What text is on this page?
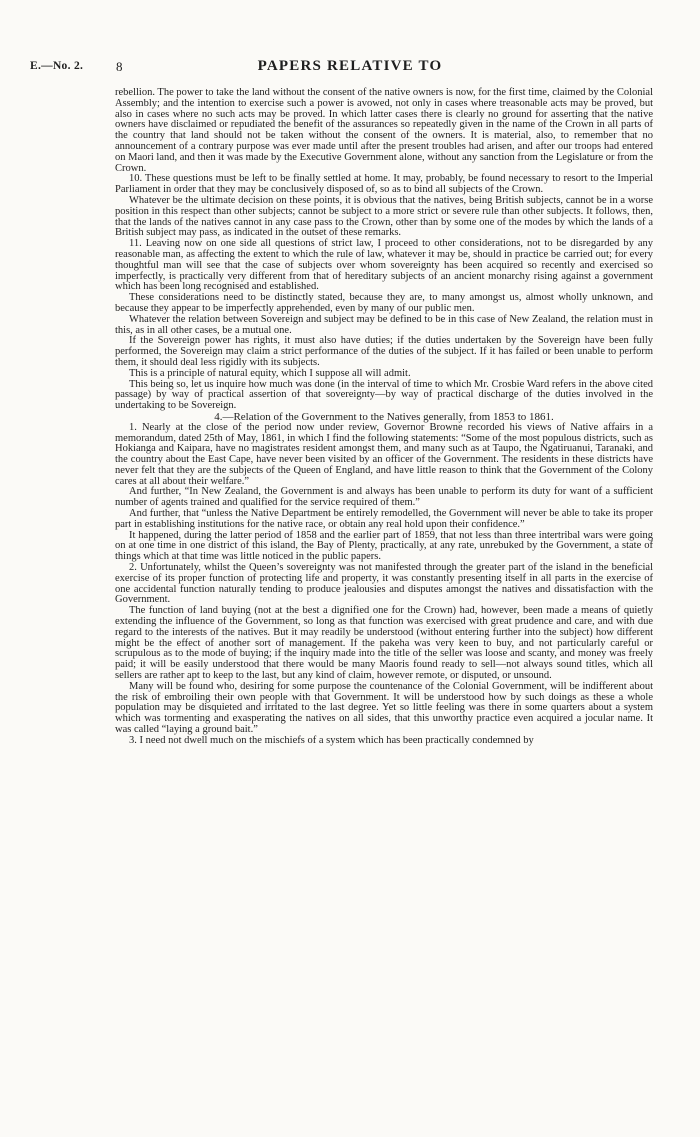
E.—No. 2.	8	PAPERS RELATIVE TO

rebellion. The power to take the land without the consent of the native owners is now, for the first time, claimed by the Colonial Assembly; and the intention to exercise such a power is avowed, not only in cases where treasonable acts may be proved, but also in cases where no such acts may be proved. In which latter cases there is clearly no ground for asserting that the native owners have disclaimed or repudiated the benefit of the assurances so repeatedly given in the name of the Crown in all parts of the country that land should not be taken without the consent of the owners. It is material, also, to remember that no announcement of a contrary purpose was ever made until after the present troubles had arisen, and after our troops had entered on Maori land, and then it was made by the Executive Government alone, without any sanction from the Legislature or from the Crown.

10. These questions must be left to be finally settled at home. It may, probably, be found necessary to resort to the Imperial Parliament in order that they may be conclusively disposed of, so as to bind all subjects of the Crown.

Whatever be the ultimate decision on these points, it is obvious that the natives, being British subjects, cannot be in a worse position in this respect than other subjects; cannot be subject to a more strict or severe rule than other subjects. It follows, then, that the lands of the natives cannot in any case pass to the Crown, other than by some one of the modes by which the lands of a British subject may pass, as indicated in the outset of these remarks.

11. Leaving now on one side all questions of strict law, I proceed to other considerations, not to be disregarded by any reasonable man, as affecting the extent to which the rule of law, whatever it may be, should in practice be carried out; for every thoughtful man will see that the case of subjects over whom sovereignty has been acquired so recently and exercised so imperfectly, is practically very different from that of hereditary subjects of an ancient monarchy rising against a government which has been long recognised and established.

These considerations need to be distinctly stated, because they are, to many amongst us, almost wholly unknown, and because they appear to be imperfectly apprehended, even by many of our public men.

Whatever the relation between Sovereign and subject may be defined to be in this case of New Zealand, the relation must in this, as in all other cases, be a mutual one.

If the Sovereign power has rights, it must also have duties; if the duties undertaken by the Sovereign have been fully performed, the Sovereign may claim a strict performance of the duties of the subject. If it has failed or been unable to perform them, it should deal less rigidly with its subjects.

This is a principle of natural equity, which I suppose all will admit.

This being so, let us inquire how much was done (in the interval of time to which Mr. Crosbie Ward refers in the above cited passage) by way of practical assertion of that sovereignty—by way of practical discharge of the duties involved in the undertaking to be Sovereign.

4.—Relation of the Government to the Natives generally, from 1853 to 1861.

1. Nearly at the close of the period now under review, Governor Browne recorded his views of Native affairs in a memorandum, dated 25th of May, 1861, in which I find the following statements: “Some of the most populous districts, such as Hokianga and Kaipara, have no magistrates resident amongst them, and many such as at Taupo, the Ngatiruanui, Taranaki, and the country about the East Cape, have never been visited by an officer of the Government. The residents in these districts have never felt that they are the subjects of the Queen of England, and have little reason to think that the Government of the Colony cares at all about their welfare.”

And further, “In New Zealand, the Government is and always has been unable to perform its duty for want of a sufficient number of agents trained and qualified for the service required of them.”

And further, that “unless the Native Department be entirely remodelled, the Government will never be able to take its proper part in establishing institutions for the native race, or obtain any real hold upon their confidence.”

It happened, during the latter period of 1858 and the earlier part of 1859, that not less than three intertribal wars were going on at one time in one district of this island, the Bay of Plenty, practically, at any rate, unrebuked by the Government, a state of things which at that time was little noticed in the public papers.

2. Unfortunately, whilst the Queen’s sovereignty was not manifested through the greater part of the island in the beneficial exercise of its proper function of protecting life and property, it was constantly presenting itself in all parts in the exercise of one accidental function naturally tending to produce jealousies and disputes amongst the natives and dissatisfaction with the Government.

The function of land buying (not at the best a dignified one for the Crown) had, however, been made a means of quietly extending the influence of the Government, so long as that function was exercised with great prudence and care, and with due regard to the interests of the natives. But it may readily be understood (without entering further into the subject) how different might be the effect of another sort of management. If the pakeha was very keen to buy, and not particularly careful or scrupulous as to the mode of buying; if the inquiry made into the title of the seller was loose and scanty, and money was freely paid; it will be easily understood that there would be many Maoris found ready to sell—not always sound titles, which all sellers are rather apt to keep to the last, but any kind of claim, however remote, or disputed, or unsound.

Many will be found who, desiring for some purpose the countenance of the Colonial Government, will be indifferent about the risk of embroiling their own people with that Government. It will be understood how by such doings as these a whole population may be disquieted and irritated to the last degree. Yet so little feeling was there in some quarters about a system which was tormenting and exasperating the natives on all sides, that this unworthy practice even acquired a jocular name. It was called “laying a ground bait.”

3. I need not dwell much on the mischiefs of a system which has been practically condemned by
